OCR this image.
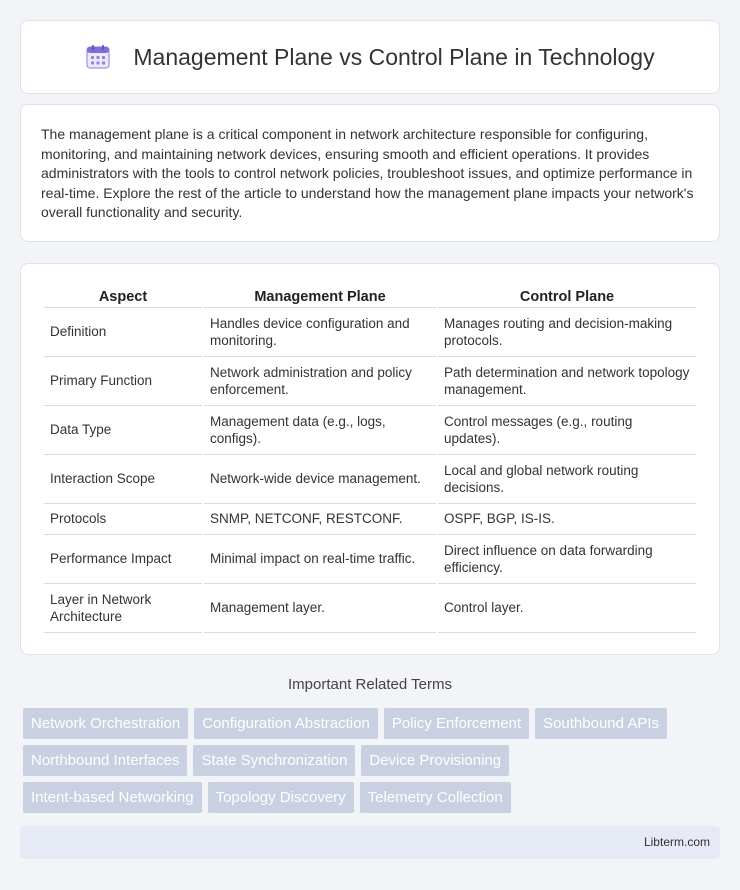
Management Plane vs Control Plane in Technology

The management plane is a critical component in network architecture responsible for configuring, monitoring, and maintaining network devices, ensuring smooth and efficient operations. It provides administrators with the tools to control network policies, troubleshoot issues, and optimize performance in real-time. Explore the rest of the article to understand how the management plane impacts your network's overall functionality and security.

Aspect	Management Plane	Control Plane
Definition	Handles device configuration and monitoring.	Manages routing and decision-making protocols.
Primary Function	Network administration and policy enforcement.	Path determination and network topology management.
Data Type	Management data (e.g., logs, configs).	Control messages (e.g., routing updates).
Interaction Scope	Network-wide device management.	Local and global network routing decisions.
Protocols	SNMP, NETCONF, RESTCONF.	OSPF, BGP, IS-IS.
Performance Impact	Minimal impact on real-time traffic.	Direct influence on data forwarding efficiency.
Layer in Network Architecture	Management layer.	Control layer.
Important Related Terms
Network Orchestration	Configuration Abstraction	Policy Enforcement	Southbound APIs
Northbound Interfaces	State Synchronization	Device Provisioning
Intent-based Networking	Topology Discovery	Telemetry Collection
Libterm.com
